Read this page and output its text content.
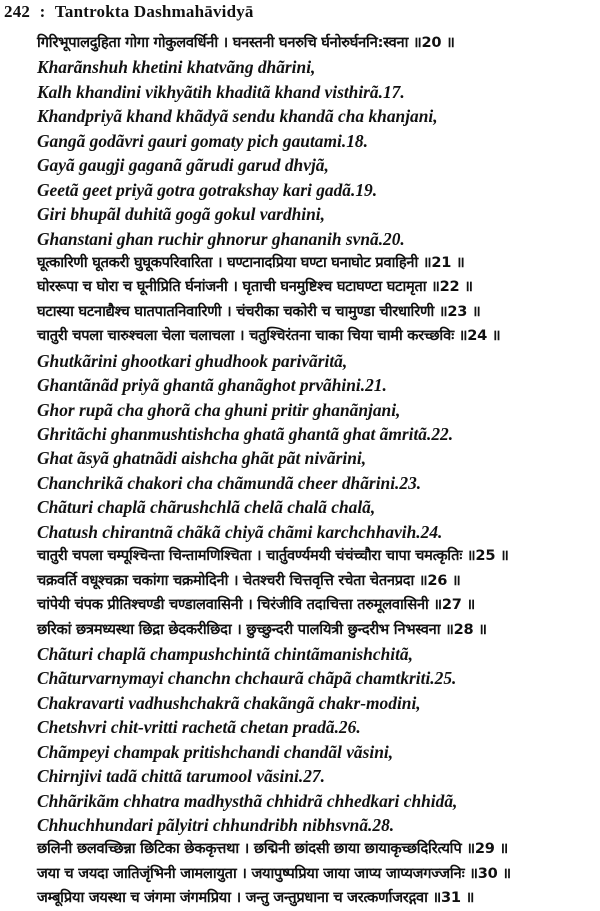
242 : Tantrokta Dashmahāvidyā
गिरिभूपालदुहिता गोगा गोकुलवर्धिनी । घनस्तनी घनरुचि र्घनोरुर्घननि:स्वना ॥20 ॥
Kharãnshuh khetini khatvãng dhãrini,
Kalh khandini vikhyãtih khaditã khand visthirã.17.
Khandpriyã khand khãdyã sendu khandã cha khanjani,
Gangã godãvri gauri gomaty pich gautami.18.
Gayã gaugji gaganã gãrudi garud dhvjã,
Geetã geet priyã gotra gotrakshay kari gadã.19.
Giri bhupãl duhitã gogã gokul vardhini,
Ghanstani ghan ruchir ghnorur ghananih svnã.20.
घूत्कारिणी घूतकरी घुघूकपरिवारिता । घण्टानादप्रिया घण्टा घनाघोट प्रवाहिनी ॥21 ॥
घोररूपा च घोरा च घूनीप्रिति र्घनांजनी । घृताची घनमुष्टिश्च घटाघण्टा घटामृता ॥22 ॥
घटास्या घटनाद्यैश्च घातपातनिवारिणी । चंचरीका चकोरी च चामुण्डा चीरधारिणी ॥23 ॥
चातुरी चपला चारुश्चला चेला चलाचला । चतुश्चिरंतना चाका चिया चामी करच्छविः ॥24 ॥
Ghutkãrini ghootkari ghudhook parivãritã,
Ghantãnãd priyã ghantã ghanãghot prvãhini.21.
Ghor rupã cha ghorã cha ghuni pritir ghanãnjani,
Ghritãchi ghanmushtishcha ghatã ghantã ghat ãmritã.22.
Ghat ãsyã ghatnãdi aishcha ghãt pãt nivãrini,
Chanchrikã chakori cha chãmundã cheer dhãrini.23.
Chãturi chaplã chãrushchlã chelã chalã chalã,
Chatush chirantnã chãkã chiyã chãmi karchchhavih.24.
चातुरी चपला चम्पूश्चिन्ता चिन्तामणिश्चिता । चार्तुवर्ण्यमयी चंचंच्चौरा चापा चमत्कृतिः ॥25 ॥
चक्रवर्ति वधूश्चक्रा चकांगा चक्रमोदिनी । चेतश्चरी चित्तवृत्ति रचेता चेतनप्रदा ॥26 ॥
चांपेयी चंपक प्रीतिश्चण्डी चण्डालवासिनी । चिरंजीवि तदाचित्ता तरुमूलवासिनी ॥27 ॥
छरिकां छत्रमध्यस्था छिद्रा छेदकरीछिदा । छुच्छुन्दरी पालयित्री छुन्दरीभ निभस्वना ॥28 ॥
Chãturi chaplã champushchintã chintãmanishchitã,
Chãturvarnymayi chanchn chchaurã chãpã chamtkriti.25.
Chakravarti vadhushchakrã chakãngã chakr-modini,
Chetshvri chit-vritti rachetã chetan pradã.26.
Chãmpeyi champak pritishchandi chandãl vãsini,
Chirnjivi tadã chittã tarumool vãsini.27.
Chhãrikãm chhatra madhysthã chhidrã chhedkari chhidã,
Chhuchhundari pãlyitri chhundribh nibhsvnã.28.
छलिनी छलवच्छिन्ना छिटिका छेककृत्तथा । छद्मिनी छांदसी छाया छायाकृच्छदिरित्यपि ॥29 ॥
जया च जयदा जातिजृंभिनी जामलायुता । जयापुष्पप्रिया जाया जाप्य जाप्यजगज्जनिः ॥30 ॥
जम्बूप्रिया जयस्था च जंगमा जंगमप्रिया । जन्तु जन्तुप्रधाना च जरत्कर्णाजरद्गवा ॥31 ॥
